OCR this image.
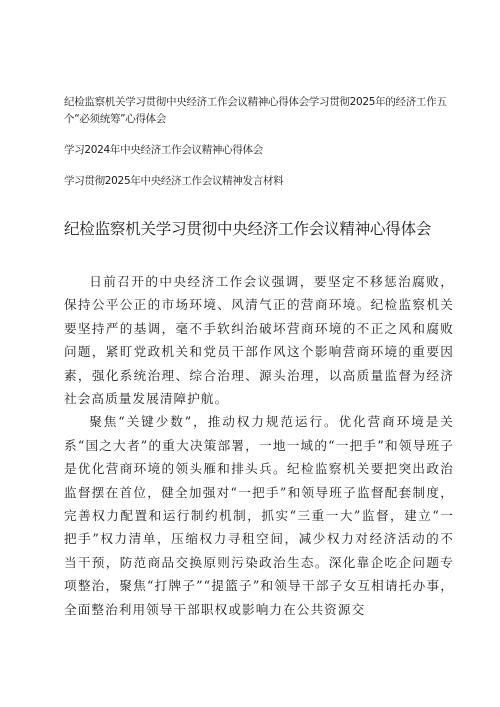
纪检监察机关学习贯彻中央经济工作会议精神心得体会学习贯彻2025年的经济工作五个“必须统筹”心得体会

学习2024年中央经济工作会议精神心得体会

学习贯彻2025年中央经济工作会议精神发言材料

纪检监察机关学习贯彻中央经济工作会议精神心得体会

日前召开的中央经济工作会议强调，要坚定不移惩治腐败，保持公平公正的市场环境、风清气正的营商环境。纪检监察机关要坚持严的基调，毫不手软纠治破坏营商环境的不正之风和腐败问题，紧盯党政机关和党员干部作风这个影响营商环境的重要因素，强化系统治理、综合治理、源头治理，以高质量监督为经济社会高质量发展清障护航。

聚焦“关键少数”，推动权力规范运行。优化营商环境是关系“国之大者”的重大决策部署，一地一域的“一把手”和领导班子是优化营商环境的领头雁和排头兵。纪检监察机关要把突出政治监督摆在首位，健全加强对“一把手”和领导班子监督配套制度，完善权力配置和运行制约机制，抓实“三重一大”监督，建立“一把手”权力清单，压缩权力寻租空间，减少权力对经济活动的不当干预，防范商品交换原则污染政治生态。深化靠企吃企问题专项整治，聚焦“打牌子”“提篮子”和领导干部子女互相请托办事，全面整治利用领导干部职权或影响力在公共资源交
